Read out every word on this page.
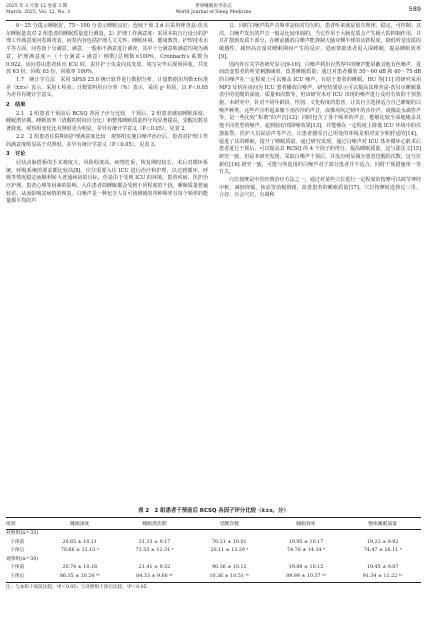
2025 年 3 月第 12 卷第 3 期
March. 2025, Vol. 12, No. 3
世界睡眠医学杂志
World Journal of Sleep Medicine	589

0～25 分提示睡眠好，75～100 分表示睡眠良好；连续干预 3 d 后采用理查兹-茨贝尔睡眠量表对 2 组患者的睡眠质量进行测量。2）护理工作满意度：采用本院自行设计的护理工作满意度问卷调查表，问卷内容包括护理人文关怀、睡眠环境、健康教育、护理技术水平等方面，问卷按十分满意、满意、一般和不满意进行调查，其中十分满意和满意均视为满意，护理满意度＝（十分满意＋满意）例数/总例数×100%，Cronbach's 系数为 0.922，该问卷由患者转出 ICU 时，责任护士负责向其发放、填写完毕后现场回收，共发放 63 份，回收 63 份，回收率 100%。

1.7　统计学方法　采用 SPSS 25.0 统计软件进行数据分析，计量数据用均数±标准差（x̄±s）表示，采用 t 检验；计数资料用百分率（%）表示，采用 χ² 检验，以 P＜0.05 为差异有统计学意义。

2　结果

2.1　2 组患者干预前后 RCSQ 各因子评分比较　干预后，2 组患者感知睡眠深度、睡眠潜伏期、睡眠效率（清醒的时间百分比）和整体睡眠质量得分均显著提高，觉醒次数显著降低，观察组变化比对照组更为明显，差异有统计学意义（P＜0.05）。见表 2。

2.2　2 组患者住院期间护理满意度比较　观察组实施白噪声治疗后，患者对护理工作的满意度明显高于对照组，差异有统计学意义（P＜0.05）。见表 3。

3　讨论

冠状动脉搭桥的手术难度大，风险程度高，病情危重，恢复期时较长，术后对循环系统、呼吸系统的要求都比较高[8]，往往需要入住 ICU 进行治疗和护理，以达到循环、呼吸等情况稳定而顺利转入普通病房的目标。但是由于受到 ICU 的环境、患者疾病、医护治疗护理、患者心理等因素的影响，入住患者的睡眠都会受到不同程度的干扰，睡眠质量普遍较差，从而影响其病情的恢复。白噪声是一种包含人耳可侦测到的各种频率且每个频率的能量都平均的声

音，同时白噪声的声音频率是相对均匀的，患者听来就是很有规律、稳定、可控制；其次，白噪声发出的声音一般是比较单调的，当它作用于大脑皮质会产生极大的抑制作用，并且扩散到皮质下部分，在睡前播放白噪声能抑制大脑双侧半球的活跃程度，降低听觉皮质的敏感性，减轻高音量对睡眠期间产生的反应，进而帮助患者进入深睡眠，提高睡眠效率[9]。

国内外有关学者研究显示[9-10]，白噪声利用自然界中的噪声能屏蔽其他有色噪声，进而改变患者的听觉刺激阈值，改善睡眠质量；通过对患者播放 50～60 dB 和 60～75 dB 的白噪声在一定程度上可以掩盖 ICU 噪声，有助于患者的睡眠。HU 等[11] 的研究采用 MP3 耳机在夜间为 ICU 患者播放白噪声，研究结果显示可以提高其理查兹-茨贝尔睡眠量表中的觉醒的深度、质量和次数等，但该研究未对 ICU 出现的噪声进行及时有效的干预措施。本研究中，针对不同年龄段、性别、文化程度的患者，让其自主选择适合自己睡眠的白噪声种类，这些声音听起来像下雨沙沙的声音，或像风吹过树叶的沙沙声，或像流水滴答声等，是一些比较“和谐”的声音[12]；同时包含了各个频率的声音，能够比较全面地掩盖其他不同类型的噪声，起到较好的降噪效果[13]，并能够在一定程度上降低 ICU 环境中的仪器报警、医护人员说话声等声音，让患者感受自己所处的环境是相对安全和舒适的[14]，促进了其的睡眠，提升了睡眠质量。通过研究发现，通过白噪声对 ICU 体外循环心脏术后患者进行干预后，可以提高其 RCSQ 的 4 个因子的得分，提高睡眠质量，这与邵乐文[15] 研究一致。但是本研究发现，采取白噪声干预后，并没有明显减少患者觉醒的次数，这与位新红[16] 研究一致，可能与所选用的白噪声对于部分患者并不适合，同时干预措施单一等有关。

穴位按摩是中医经典治疗方法之一，通过对某些穴位进行一定程度的按摩可以调节神经中枢，减轻抑郁、焦虑等消极情绪，改善患者的睡眠质量[17]。穴位按摩时选择足三里、合谷、百会穴位，有调和

表 2　2 组患者干预前后 RCSQ 各因子评分比较（x̄±s，分）
组别	睡眠深度	睡眠潜伏期	觉醒次数	睡眠效率	整体睡眠质量
对照组(n＝33)					
干预前	20.65 ± 10.11	21.33 ± 9.17	70.21 ± 10.01	19.95 ± 10.17	19.23 ± 9.92
干预后	70.66 ± 12.13 ᵃ	71.53 ± 12.31 ᵃ	20.11 ± 13.29 ᵃ	74.78 ± 14.34 ᵃ	74.47 ± 16.11 ᵃ
观察组(n＝30)					
干预前	20.74 ± 10.18	21.41 ± 9.32	90.36 ± 10.12	19.88 ± 10.12	19.45 ± 9.87
干预后	86.35 ± 10.24 ᵃᵇ	84.33 ± 9.66 ᵃᵇ	10.36 ± 10.51 ᵃᵇ	89.99 ± 10.37 ᵃᵇ	91.34 ± 11.22 ᵃᵇ
注：与本组干预前比较，ᵃP＜0.05；与对照组干预后比较，ᵇP＜0.05
